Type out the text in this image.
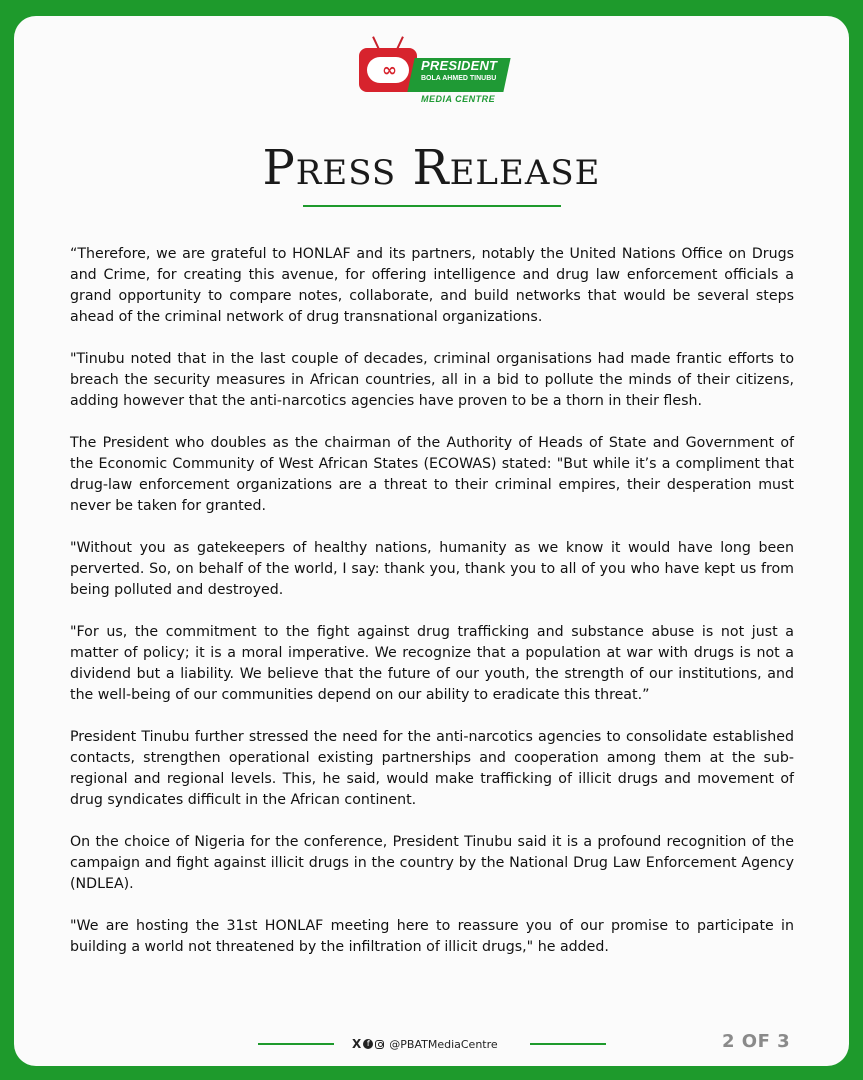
∞	PRESIDENT
BOLA AHMED TINUBU
MEDIA CENTRE
Press Release

“Therefore, we are grateful to HONLAF and its partners, notably the United Nations Office on Drugs and Crime, for creating this avenue, for offering intelligence and drug law enforcement officials a grand opportunity to compare notes, collaborate, and build networks that would be several steps ahead of the criminal network of drug transnational organizations.

"Tinubu noted that in the last couple of decades, criminal organisations had made frantic efforts to breach the security measures in African countries, all in a bid to pollute the minds of their citizens, adding however that the anti-narcotics agencies have proven to be a thorn in their flesh.

The President who doubles as the chairman of the Authority of Heads of State and Government of the Economic Community of West African States (ECOWAS) stated: "But while it’s a compliment that drug-law enforcement organizations are a threat to their criminal empires, their desperation must never be taken for granted.

"Without you as gatekeepers of healthy nations, humanity as we know it would have long been perverted. So, on behalf of the world, I say: thank you, thank you to all of you who have kept us from being polluted and destroyed.

"For us, the commitment to the fight against drug trafficking and substance abuse is not just a matter of policy; it is a moral imperative. We recognize that a population at war with drugs is not a dividend but a liability. We believe that the future of our youth, the strength of our institutions, and the well-being of our communities depend on our ability to eradicate this threat.”

President Tinubu further stressed the need for the anti-narcotics agencies to consolidate established contacts, strengthen operational existing partnerships and cooperation among them at the sub-regional and regional levels. This, he said, would make trafficking of illicit drugs and movement of drug syndicates difficult in the African continent.

On the choice of Nigeria for the conference, President Tinubu said it is a profound recognition of the campaign and fight against illicit drugs in the country by the National Drug Law Enforcement Agency (NDLEA).

"We are hosting the 31st HONLAF meeting here to reassure you of our promise to participate in building a world not threatened by the infiltration of illicit drugs," he added.

X f	@PBATMediaCentre	2 OF 3
